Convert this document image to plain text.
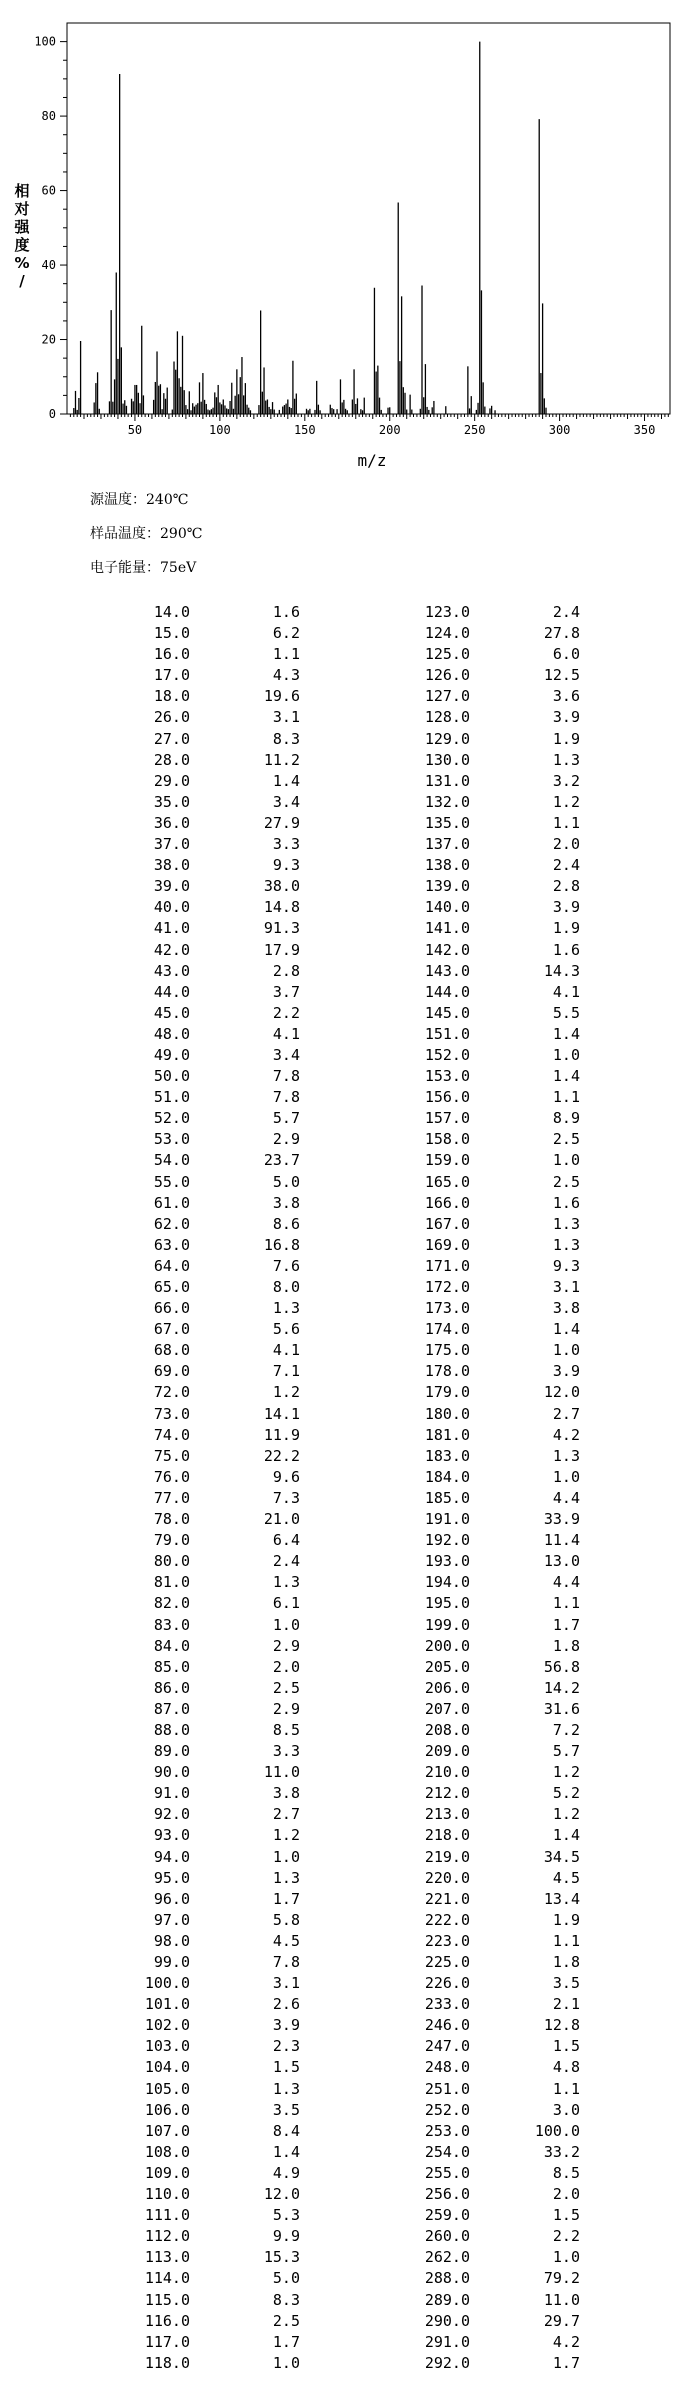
50	100	150	200	250	300	350
0
20
40
60
80
100
相对强度% /
m/z
源温度：240℃
样品温度：290℃
电子能量：75eV
14.0	1.6	123.0	2.4
15.0	6.2	124.0	27.8
16.0	1.1	125.0	6.0
17.0	4.3	126.0	12.5
18.0	19.6	127.0	3.6
26.0	3.1	128.0	3.9
27.0	8.3	129.0	1.9
28.0	11.2	130.0	1.3
29.0	1.4	131.0	3.2
35.0	3.4	132.0	1.2
36.0	27.9	135.0	1.1
37.0	3.3	137.0	2.0
38.0	9.3	138.0	2.4
39.0	38.0	139.0	2.8
40.0	14.8	140.0	3.9
41.0	91.3	141.0	1.9
42.0	17.9	142.0	1.6
43.0	2.8	143.0	14.3
44.0	3.7	144.0	4.1
45.0	2.2	145.0	5.5
48.0	4.1	151.0	1.4
49.0	3.4	152.0	1.0
50.0	7.8	153.0	1.4
51.0	7.8	156.0	1.1
52.0	5.7	157.0	8.9
53.0	2.9	158.0	2.5
54.0	23.7	159.0	1.0
55.0	5.0	165.0	2.5
61.0	3.8	166.0	1.6
62.0	8.6	167.0	1.3
63.0	16.8	169.0	1.3
64.0	7.6	171.0	9.3
65.0	8.0	172.0	3.1
66.0	1.3	173.0	3.8
67.0	5.6	174.0	1.4
68.0	4.1	175.0	1.0
69.0	7.1	178.0	3.9
72.0	1.2	179.0	12.0
73.0	14.1	180.0	2.7
74.0	11.9	181.0	4.2
75.0	22.2	183.0	1.3
76.0	9.6	184.0	1.0
77.0	7.3	185.0	4.4
78.0	21.0	191.0	33.9
79.0	6.4	192.0	11.4
80.0	2.4	193.0	13.0
81.0	1.3	194.0	4.4
82.0	6.1	195.0	1.1
83.0	1.0	199.0	1.7
84.0	2.9	200.0	1.8
85.0	2.0	205.0	56.8
86.0	2.5	206.0	14.2
87.0	2.9	207.0	31.6
88.0	8.5	208.0	7.2
89.0	3.3	209.0	5.7
90.0	11.0	210.0	1.2
91.0	3.8	212.0	5.2
92.0	2.7	213.0	1.2
93.0	1.2	218.0	1.4
94.0	1.0	219.0	34.5
95.0	1.3	220.0	4.5
96.0	1.7	221.0	13.4
97.0	5.8	222.0	1.9
98.0	4.5	223.0	1.1
99.0	7.8	225.0	1.8
100.0	3.1	226.0	3.5
101.0	2.6	233.0	2.1
102.0	3.9	246.0	12.8
103.0	2.3	247.0	1.5
104.0	1.5	248.0	4.8
105.0	1.3	251.0	1.1
106.0	3.5	252.0	3.0
107.0	8.4	253.0	100.0
108.0	1.4	254.0	33.2
109.0	4.9	255.0	8.5
110.0	12.0	256.0	2.0
111.0	5.3	259.0	1.5
112.0	9.9	260.0	2.2
113.0	15.3	262.0	1.0
114.0	5.0	288.0	79.2
115.0	8.3	289.0	11.0
116.0	2.5	290.0	29.7
117.0	1.7	291.0	4.2
118.0	1.0	292.0	1.7
